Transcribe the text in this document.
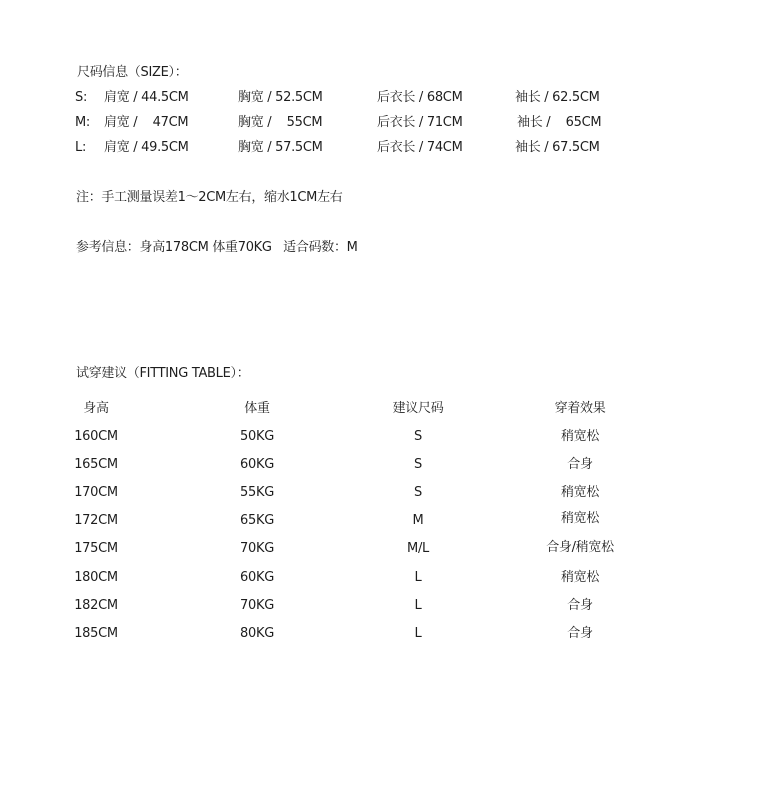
尺码信息（SIZE）：
S: 肩宽 / 44.5CM	胸宽 / 52.5CM	后衣长 / 68CM	袖长 / 62.5CM
M: 肩宽 /    47CM	胸宽 /    55CM	后衣长 / 71CM	袖长 /    65CM
L: 肩宽 / 49.5CM	胸宽 / 57.5CM	后衣长 / 74CM	袖长 / 67.5CM
注：手工测量误差1～2CM左右，缩水1CM左右
参考信息：身高178CM 体重70KG   适合码数：M
试穿建议（FITTING TABLE）：
身高	体重	建议尺码	穿着效果
160CM	50KG	S	稍宽松
165CM	60KG	S	合身
170CM	55KG	S	稍宽松
172CM	65KG	M	稍宽松
175CM	70KG	M/L	合身/稍宽松
180CM	60KG	L	稍宽松
182CM	70KG	L	合身
185CM	80KG	L	合身
